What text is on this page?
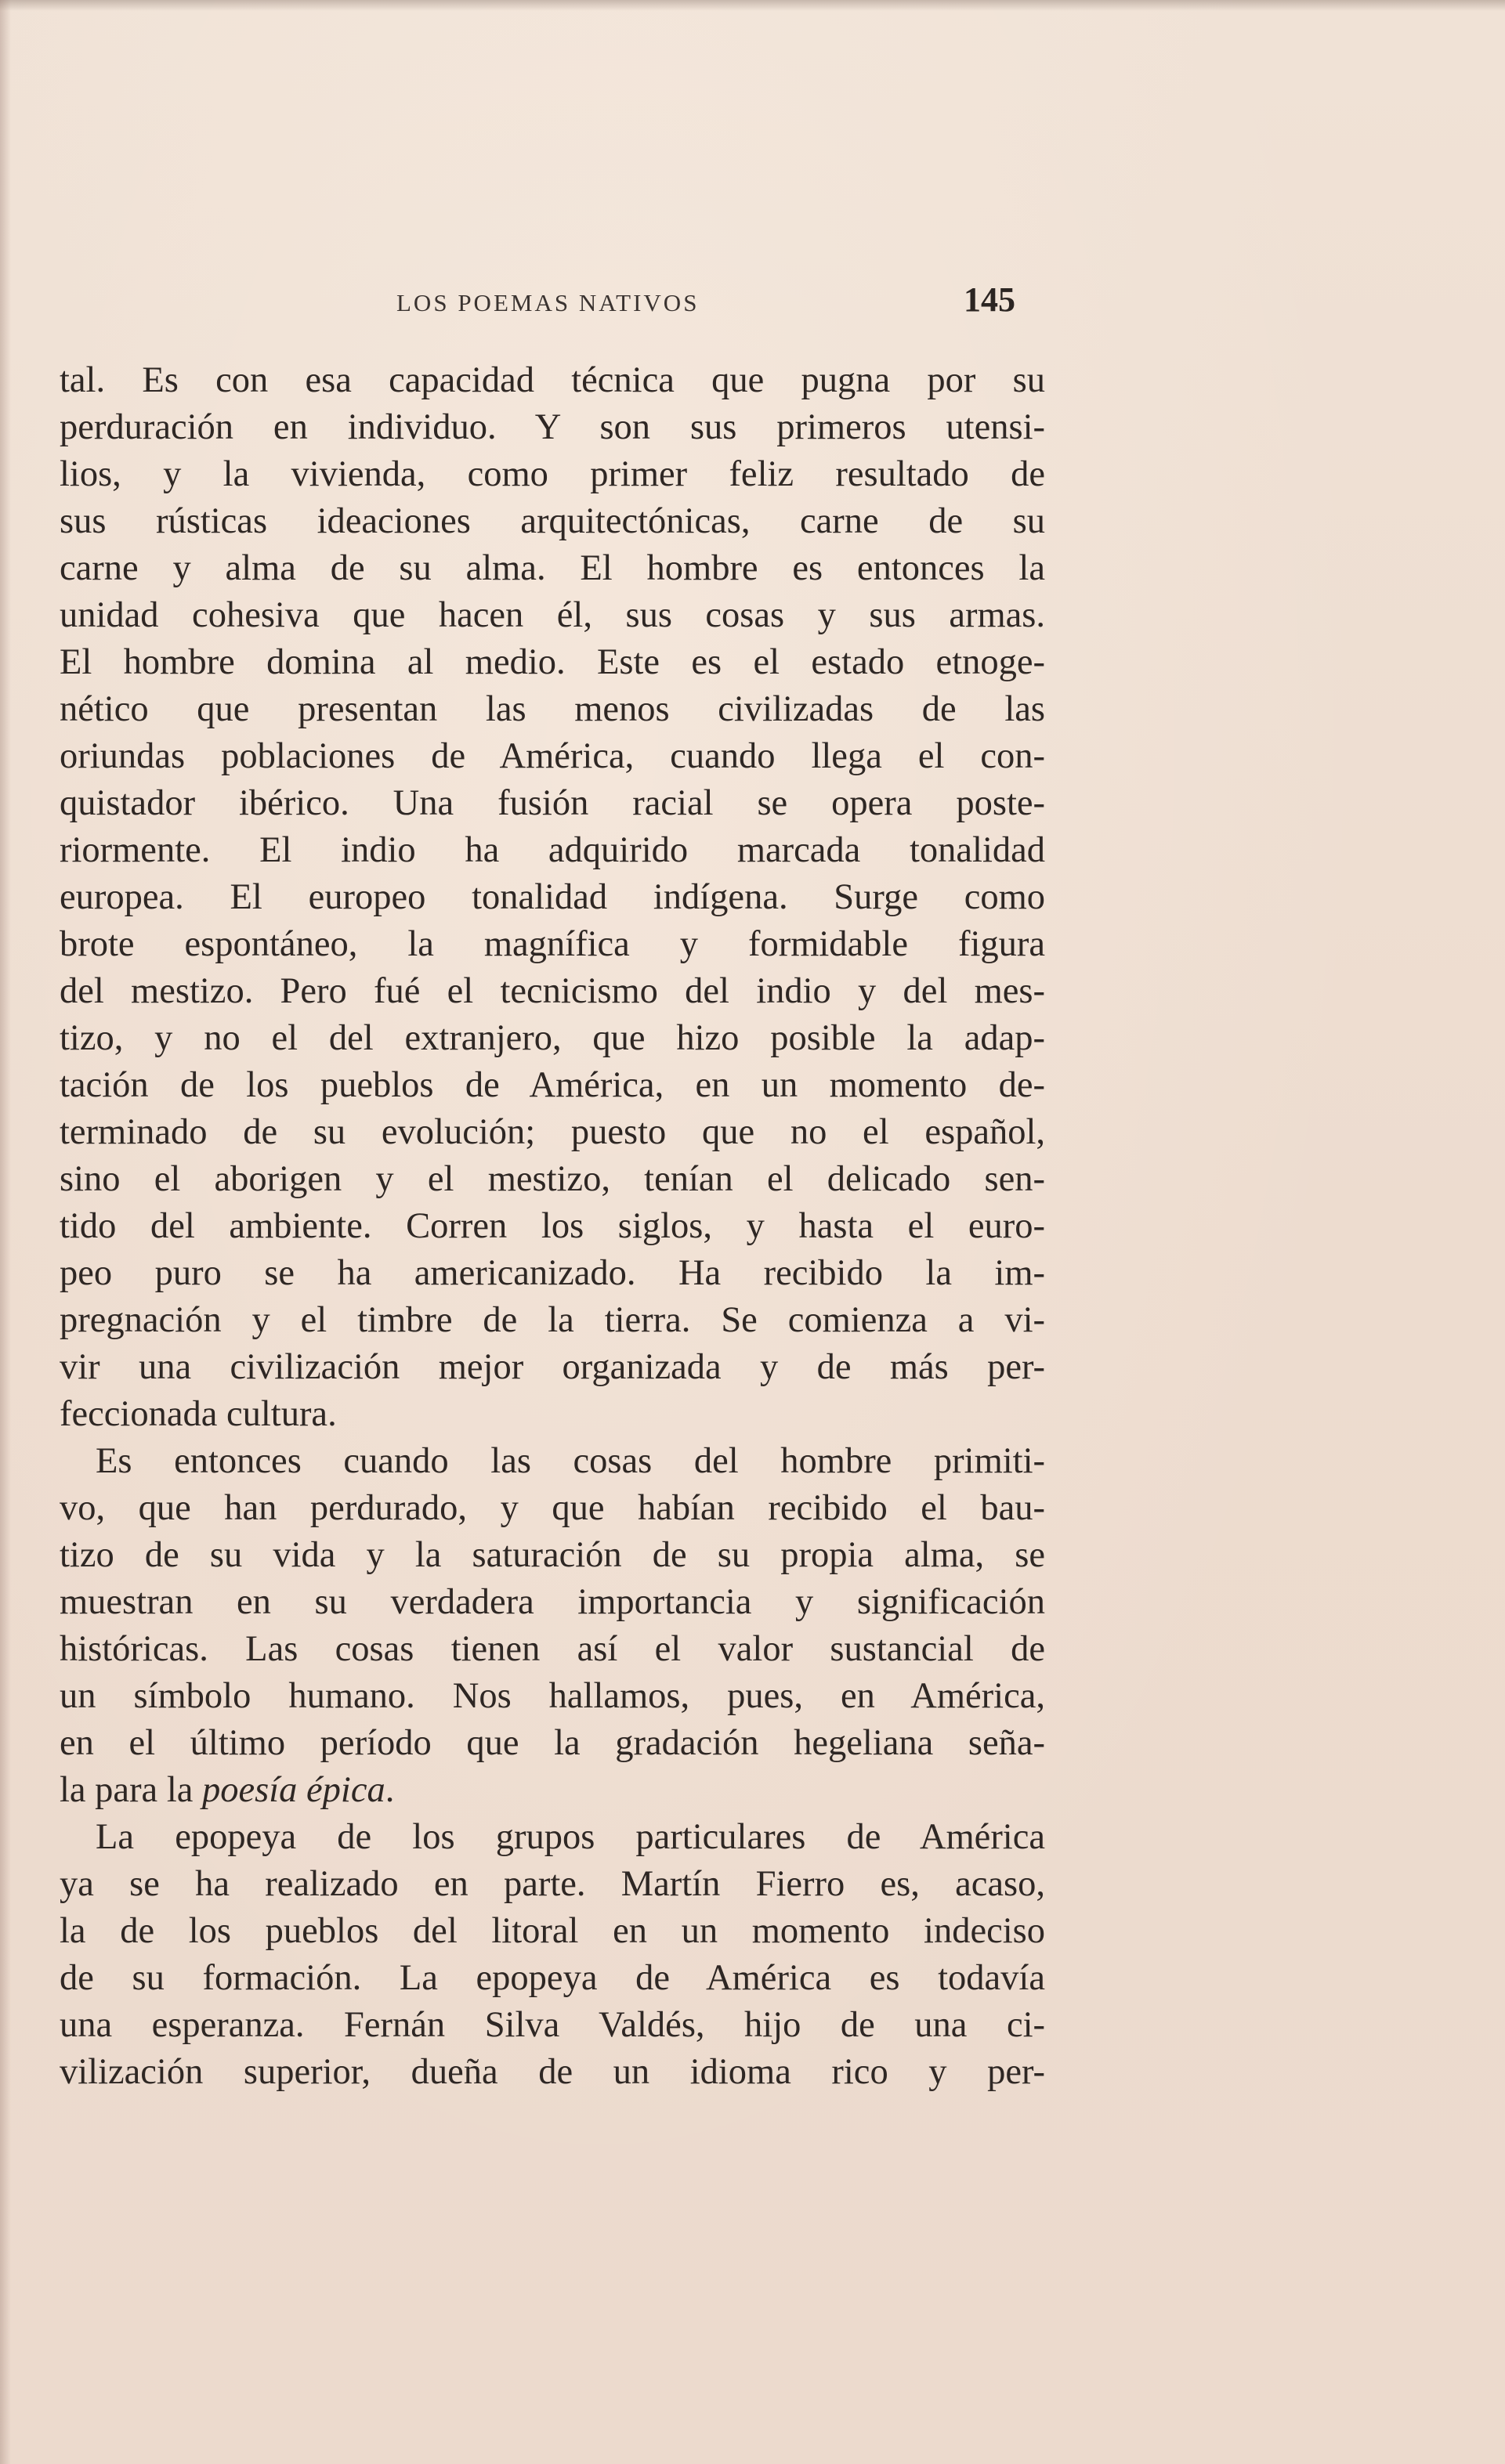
LOS POEMAS NATIVOS	145
tal. Es con esa capacidad técnica que pugna por su
perduración en individuo. Y son sus primeros utensi-
lios, y la vivienda, como primer feliz resultado de
sus rústicas ideaciones arquitectónicas, carne de su
carne y alma de su alma. El hombre es entonces la
unidad cohesiva que hacen él, sus cosas y sus armas.
El hombre domina al medio. Este es el estado etnoge-
nético que presentan las menos civilizadas de las
oriundas poblaciones de América, cuando llega el con-
quistador ibérico. Una fusión racial se opera poste-
riormente. El indio ha adquirido marcada tonalidad
europea. El europeo tonalidad indígena. Surge como
brote espontáneo, la magnífica y formidable figura
del mestizo. Pero fué el tecnicismo del indio y del mes-
tizo, y no el del extranjero, que hizo posible la adap-
tación de los pueblos de América, en un momento de-
terminado de su evolución; puesto que no el español,
sino el aborigen y el mestizo, tenían el delicado sen-
tido del ambiente. Corren los siglos, y hasta el euro-
peo puro se ha americanizado. Ha recibido la im-
pregnación y el timbre de la tierra. Se comienza a vi-
vir una civilización mejor organizada y de más per-
feccionada cultura.
Es entonces cuando las cosas del hombre primiti-
vo, que han perdurado, y que habían recibido el bau-
tizo de su vida y la saturación de su propia alma, se
muestran en su verdadera importancia y significación
históricas. Las cosas tienen así el valor sustancial de
un símbolo humano. Nos hallamos, pues, en América,
en el último período que la gradación hegeliana seña-
la para la poesía épica.
La epopeya de los grupos particulares de América
ya se ha realizado en parte. Martín Fierro es, acaso,
la de los pueblos del litoral en un momento indeciso
de su formación. La epopeya de América es todavía
una esperanza. Fernán Silva Valdés, hijo de una ci-
vilización superior, dueña de un idioma rico y per-
